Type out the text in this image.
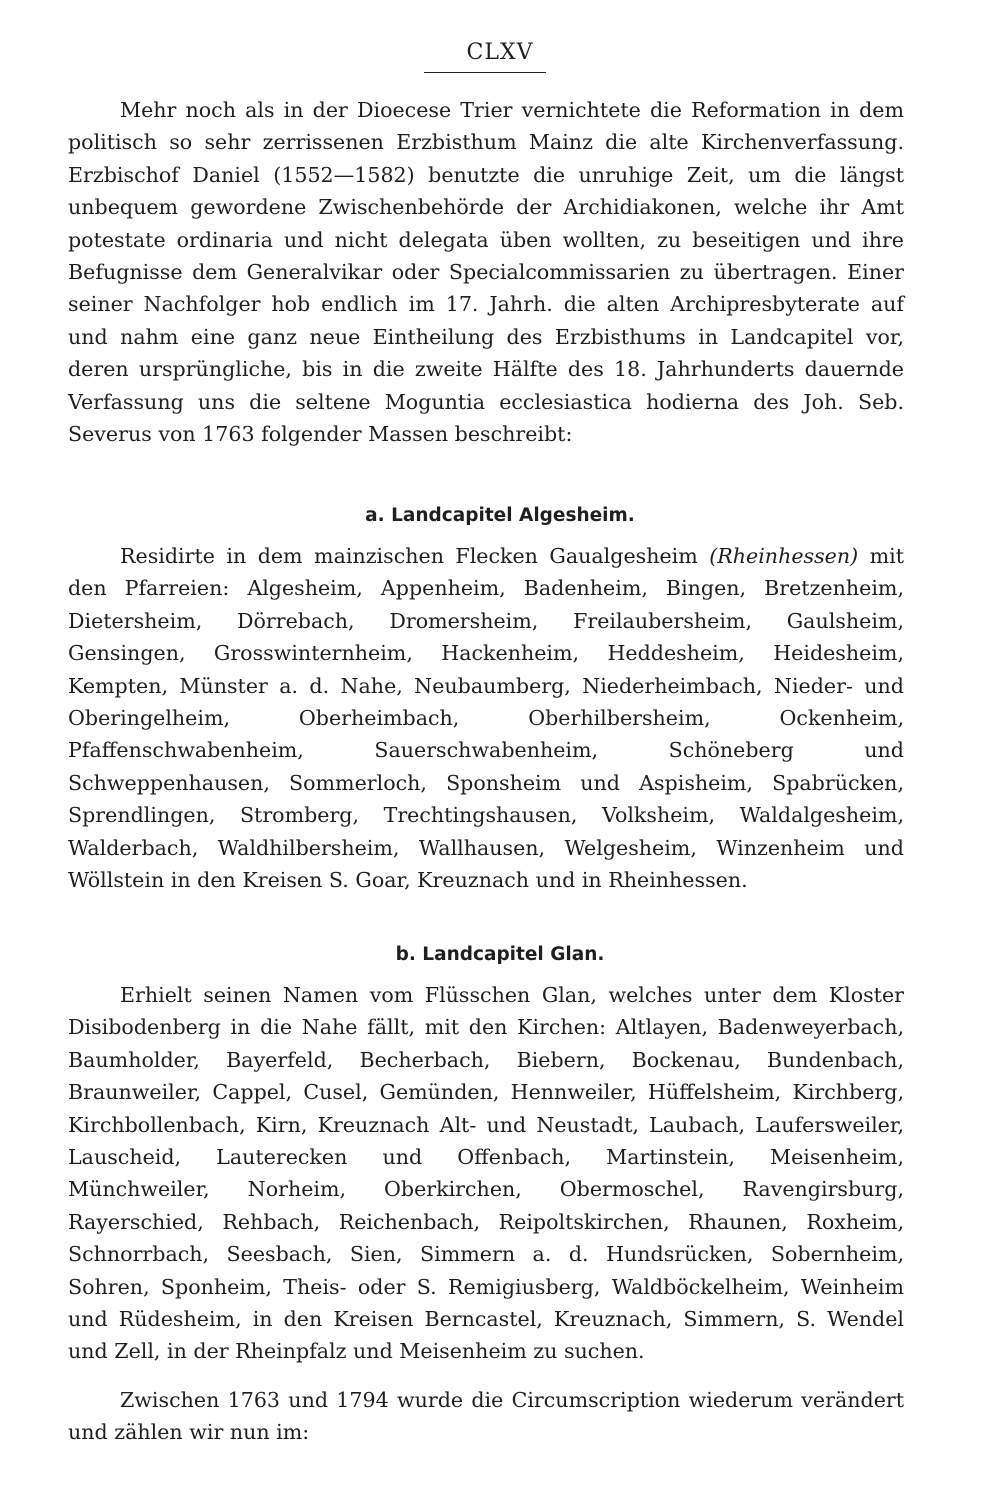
CLXV

Mehr noch als in der Dioecese Trier vernichtete die Reformation in dem politisch so sehr zerrissenen Erzbisthum Mainz die alte Kirchenverfassung. Erzbischof Daniel (1552—1582) benutzte die unruhige Zeit, um die längst unbequem gewordene Zwischenbehörde der Archidiakonen, welche ihr Amt potestate ordinaria und nicht delegata üben wollten, zu beseitigen und ihre Befugnisse dem Generalvikar oder Specialcommissarien zu übertragen. Einer seiner Nachfolger hob endlich im 17. Jahrh. die alten Archipresbyterate auf und nahm eine ganz neue Eintheilung des Erzbisthums in Landcapitel vor, deren ursprüngliche, bis in die zweite Hälfte des 18. Jahrhunderts dauernde Verfassung uns die seltene Moguntia ecclesiastica hodierna des Joh. Seb. Severus von 1763 folgender Massen beschreibt:

a. Landcapitel Algesheim.

Residirte in dem mainzischen Flecken Gaualgesheim (Rheinhessen) mit den Pfarreien: Algesheim, Appenheim, Badenheim, Bingen, Bretzenheim, Dietersheim, Dörrebach, Dromersheim, Freilaubersheim, Gaulsheim, Gensingen, Grosswinternheim, Hackenheim, Heddesheim, Heidesheim, Kempten, Münster a. d. Nahe, Neubaumberg, Niederheimbach, Nieder- und Oberingelheim, Oberheimbach, Oberhilbersheim, Ockenheim, Pfaffenschwabenheim, Sauerschwabenheim, Schöneberg und Schweppenhausen, Sommerloch, Sponsheim und Aspisheim, Spabrücken, Sprendlingen, Stromberg, Trechtingshausen, Volksheim, Waldalgesheim, Walderbach, Waldhilbersheim, Wallhausen, Welgesheim, Winzenheim und Wöllstein in den Kreisen S. Goar, Kreuznach und in Rheinhessen.

b. Landcapitel Glan.

Erhielt seinen Namen vom Flüsschen Glan, welches unter dem Kloster Disibodenberg in die Nahe fällt, mit den Kirchen: Altlayen, Badenweyerbach, Baumholder, Bayerfeld, Becherbach, Biebern, Bockenau, Bundenbach, Braunweiler, Cappel, Cusel, Gemünden, Hennweiler, Hüffelsheim, Kirchberg, Kirchbollenbach, Kirn, Kreuznach Alt- und Neustadt, Laubach, Laufersweiler, Lauscheid, Lauterecken und Offenbach, Martinstein, Meisenheim, Münchweiler, Norheim, Oberkirchen, Obermoschel, Ravengirsburg, Rayerschied, Rehbach, Reichenbach, Reipoltskirchen, Rhaunen, Roxheim, Schnorrbach, Seesbach, Sien, Simmern a. d. Hundsrücken, Sobernheim, Sohren, Sponheim, Theis- oder S. Remigiusberg, Waldböckelheim, Weinheim und Rüdesheim, in den Kreisen Berncastel, Kreuznach, Simmern, S. Wendel und Zell, in der Rheinpfalz und Meisenheim zu suchen.

Zwischen 1763 und 1794 wurde die Circumscription wiederum verändert und zählen wir nun im:
